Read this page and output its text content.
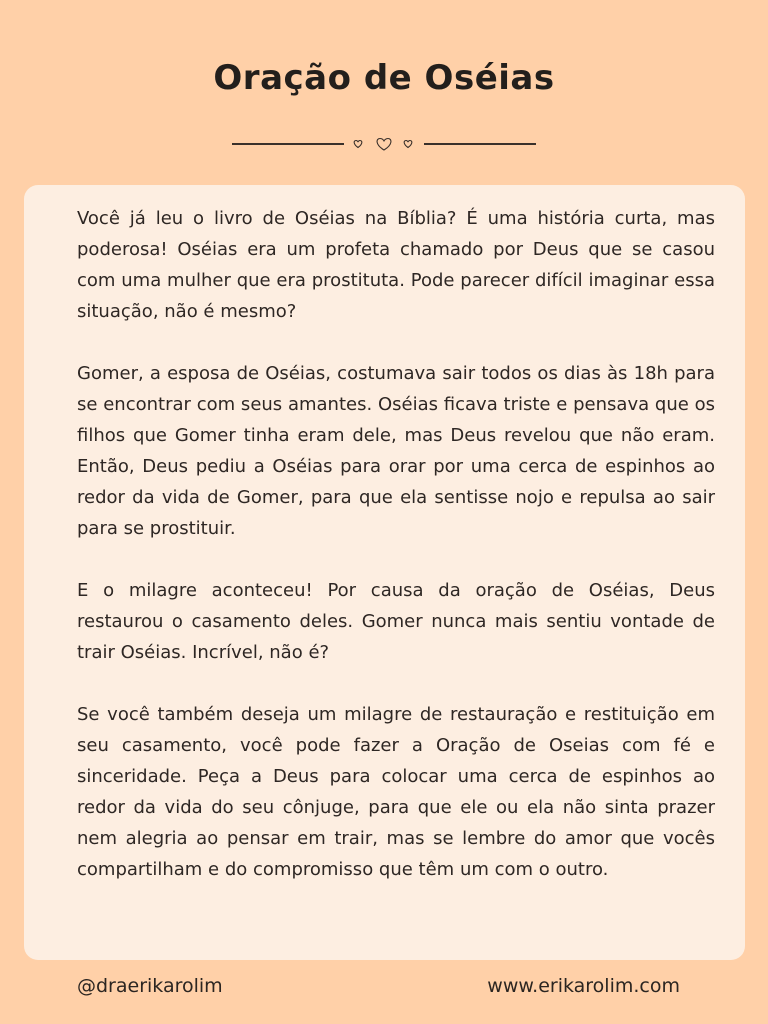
Oração de Oséias

Você já leu o livro de Oséias na Bíblia? É uma história curta, mas poderosa! Oséias era um profeta chamado por Deus que se casou com uma mulher que era prostituta. Pode parecer difícil imaginar essa situação, não é mesmo?

Gomer, a esposa de Oséias, costumava sair todos os dias às 18h para se encontrar com seus amantes. Oséias ficava triste e pensava que os filhos que Gomer tinha eram dele, mas Deus revelou que não eram. Então, Deus pediu a Oséias para orar por uma cerca de espinhos ao redor da vida de Gomer, para que ela sentisse nojo e repulsa ao sair para se prostituir.

E o milagre aconteceu! Por causa da oração de Oséias, Deus restaurou o casamento deles. Gomer nunca mais sentiu vontade de trair Oséias. Incrível, não é?

Se você também deseja um milagre de restauração e restituição em seu casamento, você pode fazer a Oração de Oseias com fé e sinceridade. Peça a Deus para colocar uma cerca de espinhos ao redor da vida do seu cônjuge, para que ele ou ela não sinta prazer nem alegria ao pensar em trair, mas se lembre do amor que vocês compartilham e do compromisso que têm um com o outro.

@draerikarolim	www.erikarolim.com
